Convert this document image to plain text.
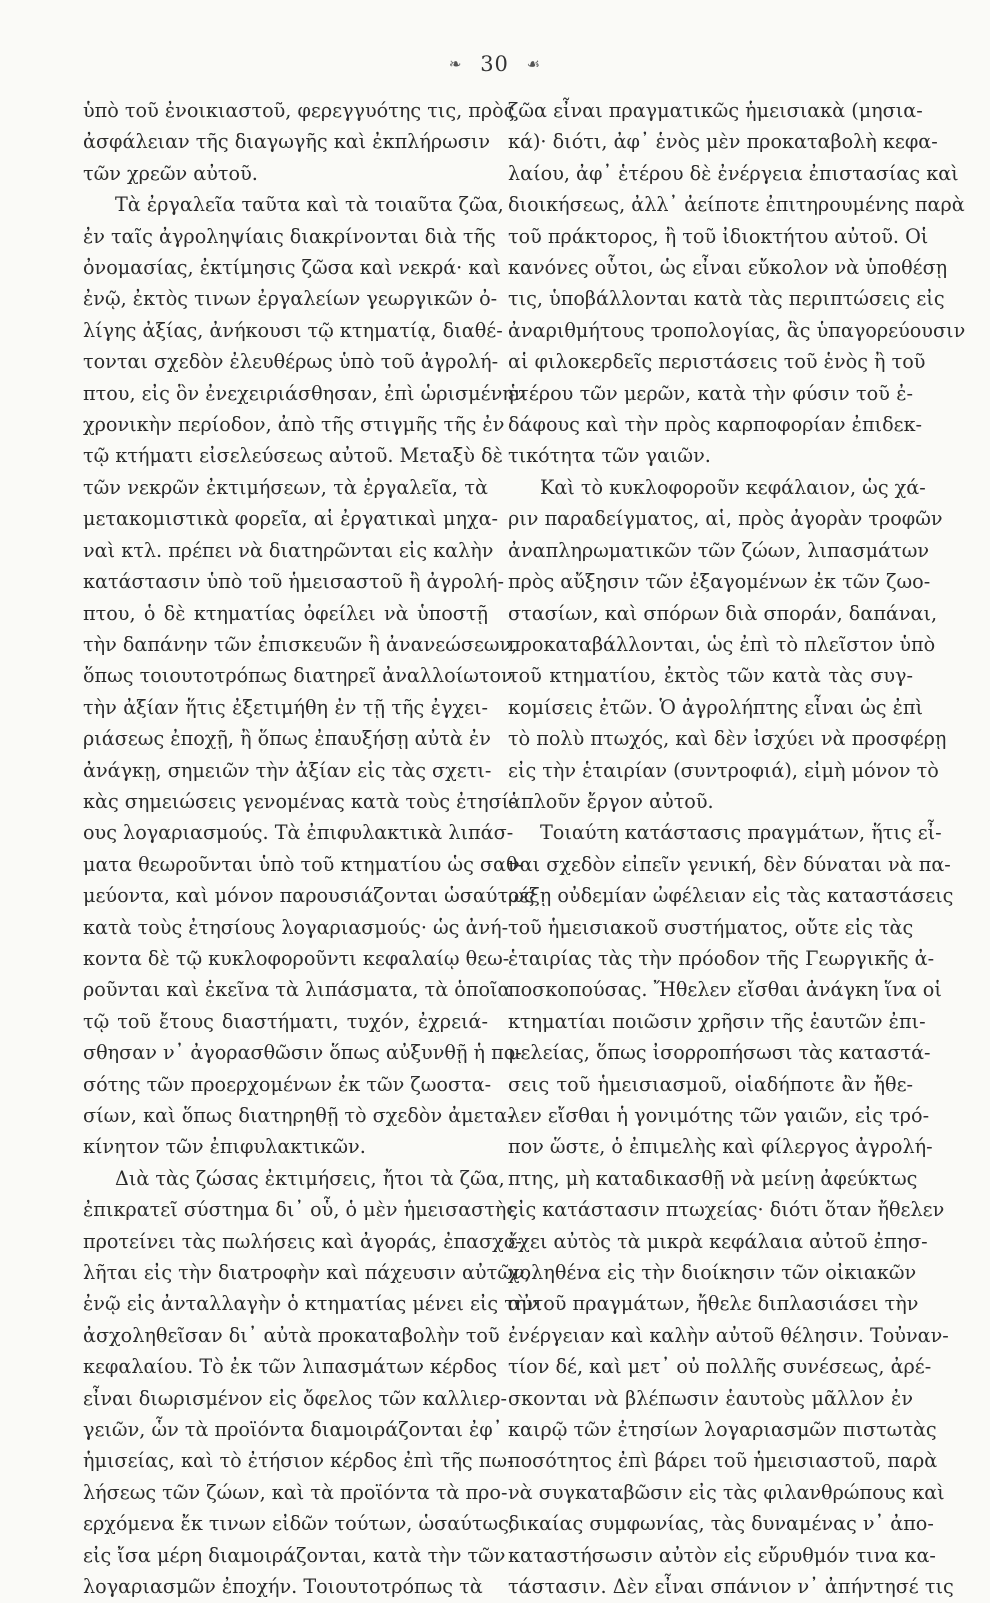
❧ 30 ☙
ὑπὸ τοῦ ἐνοικιαστοῦ, φερεγγυότης τις, πρὸς
ἀσφάλειαν τῆς διαγωγῆς καὶ ἐκπλήρωσιν
τῶν χρεῶν αὐτοῦ.
Τὰ ἐργαλεῖα ταῦτα καὶ τὰ τοιαῦτα ζῶα,
ἐν ταῖς ἀγροληψίαις διακρίνονται διὰ τῆς
ὀνομασίας, ἐκτίμησις ζῶσα καὶ νεκρά· καὶ
ἐνῷ, ἐκτὸς τινων ἐργαλείων γεωργικῶν ὀ-
λίγης ἀξίας, ἀνήκουσι τῷ κτηματίᾳ, διαθέ-
τονται σχεδὸν ἐλευθέρως ὑπὸ τοῦ ἀγρολή-
πτου, εἰς ὃν ἐνεχειριάσθησαν, ἐπὶ ὡρισμένην
χρονικὴν περίοδον, ἀπὸ τῆς στιγμῆς τῆς ἐν
τῷ κτήματι εἰσελεύσεως αὐτοῦ. Μεταξὺ δὲ
τῶν νεκρῶν ἐκτιμήσεων, τὰ ἐργαλεῖα, τὰ
μετακομιστικὰ φορεῖα, αἱ ἐργατικαὶ μηχα-
ναὶ κτλ. πρέπει νὰ διατηρῶνται εἰς καλὴν
κατάστασιν ὑπὸ τοῦ ἡμεισαστοῦ ἢ ἀγρολή-
πτου, ὁ δὲ κτηματίας ὀφείλει νὰ ὑποστῇ
τὴν δαπάνην τῶν ἐπισκευῶν ἢ ἀνανεώσεων,
ὅπως τοιουτοτρόπως διατηρεῖ ἀναλλοίωτον
τὴν ἀξίαν ἥτις ἐξετιμήθη ἐν τῇ τῆς ἐγχει-
ριάσεως ἐποχῇ, ἢ ὅπως ἐπαυξήσῃ αὐτὰ ἐν
ἀνάγκῃ, σημειῶν τὴν ἀξίαν εἰς τὰς σχετι-
κὰς σημειώσεις γενομένας κατὰ τοὺς ἐτησί-
ους λογαριασμούς. Τὰ ἐπιφυλακτικὰ λιπάσ-
ματα θεωροῦνται ὑπὸ τοῦ κτηματίου ὡς σαθ-
μεύοντα, καὶ μόνον παρουσιάζονται ὡσαύτως
κατὰ τοὺς ἐτησίους λογαριασμούς· ὡς ἀνή-
κοντα δὲ τῷ κυκλοφοροῦντι κεφαλαίῳ θεω-
ροῦνται καὶ ἐκεῖνα τὰ λιπάσματα, τὰ ὁποῖα
τῷ τοῦ ἔτους διαστήματι, τυχόν, ἐχρειά-
σθησαν ν᾽ ἀγορασθῶσιν ὅπως αὐξυνθῇ ἡ πο-
σότης τῶν προερχομένων ἐκ τῶν ζωοστα-
σίων, καὶ ὅπως διατηρηθῇ τὸ σχεδὸν ἀμετα-
κίνητον τῶν ἐπιφυλακτικῶν.
Διὰ τὰς ζώσας ἐκτιμήσεις, ἤτοι τὰ ζῶα,
ἐπικρατεῖ σύστημα δι᾽ οὗ, ὁ μὲν ἡμεισαστὴς
προτείνει τὰς πωλήσεις καὶ ἀγοράς, ἐπασχο-
λῆται εἰς τὴν διατροφὴν καὶ πάχευσιν αὐτῶν,
ἐνῷ εἰς ἀνταλλαγὴν ὁ κτηματίας μένει εἰς τὴν
ἀσχοληθεῖσαν δι᾽ αὐτὰ προκαταβολὴν τοῦ
κεφαλαίου. Τὸ ἐκ τῶν λιπασμάτων κέρδος
εἶναι διωρισμένον εἰς ὄφελος τῶν καλλιερ-
γειῶν, ὧν τὰ προϊόντα διαμοιράζονται ἐφ᾽
ἡμισείας, καὶ τὸ ἐτήσιον κέρδος ἐπὶ τῆς πω-
λήσεως τῶν ζώων, καὶ τὰ προϊόντα τὰ προ-
ερχόμενα ἔκ τινων εἰδῶν τούτων, ὡσαύτως,
εἰς ἴσα μέρη διαμοιράζονται, κατὰ τὴν τῶν
λογαριασμῶν ἐποχήν. Τοιουτοτρόπως τὰ
ζῶα εἶναι πραγματικῶς ἡμεισιακὰ (μησια-
κά)· διότι, ἀφ᾽ ἑνὸς μὲν προκαταβολὴ κεφα-
λαίου, ἀφ᾽ ἑτέρου δὲ ἐνέργεια ἐπιστασίας καὶ
διοικήσεως, ἀλλ᾽ ἀείποτε ἐπιτηρουμένης παρὰ
τοῦ πράκτορος, ἢ τοῦ ἰδιοκτήτου αὐτοῦ. Οἱ
κανόνες οὗτοι, ὡς εἶναι εὔκολον νὰ ὑποθέσῃ
τις, ὑποβάλλονται κατὰ τὰς περιπτώσεις εἰς
ἀναριθμήτους τροπολογίας, ἃς ὑπαγορεύουσιν
αἱ φιλοκερδεῖς περιστάσεις τοῦ ἑνὸς ἢ τοῦ
ἑτέρου τῶν μερῶν, κατὰ τὴν φύσιν τοῦ ἐ-
δάφους καὶ τὴν πρὸς καρποφορίαν ἐπιδεκ-
τικότητα τῶν γαιῶν.
Καὶ τὸ κυκλοφοροῦν κεφάλαιον, ὡς χά-
ριν παραδείγματος, αἱ, πρὸς ἀγορὰν τροφῶν
ἀναπληρωματικῶν τῶν ζώων, λιπασμάτων
πρὸς αὔξησιν τῶν ἐξαγομένων ἐκ τῶν ζωο-
στασίων, καὶ σπόρων διὰ σποράν, δαπάναι,
προκαταβάλλονται, ὡς ἐπὶ τὸ πλεῖστον ὑπὸ
τοῦ κτηματίου, ἐκτὸς τῶν κατὰ τὰς συγ-
κομίσεις ἐτῶν. Ὁ ἀγρολήπτης εἶναι ὡς ἐπὶ
τὸ πολὺ πτωχός, καὶ δὲν ἰσχύει νὰ προσφέρῃ
εἰς τὴν ἑταιρίαν (συντροφιά), εἰμὴ μόνον τὸ
ἁπλοῦν ἔργον αὐτοῦ.
Τοιαύτη κατάστασις πραγμάτων, ἥτις εἶ-
ναι σχεδὸν εἰπεῖν γενική, δὲν δύναται νὰ πα-
ρέξῃ οὐδεμίαν ὠφέλειαν εἰς τὰς καταστάσεις
τοῦ ἡμεισιακοῦ συστήματος, οὔτε εἰς τὰς
ἑταιρίας τὰς τὴν πρόοδον τῆς Γεωργικῆς ἀ-
ποσκοπούσας. Ἤθελεν εἴσθαι ἀνάγκη ἵνα οἱ
κτηματίαι ποιῶσιν χρῆσιν τῆς ἑαυτῶν ἐπι-
μελείας, ὅπως ἰσορροπήσωσι τὰς καταστά-
σεις τοῦ ἡμεισιασμοῦ, οἱαδήποτε ἂν ἤθε-
λεν εἴσθαι ἡ γονιμότης τῶν γαιῶν, εἰς τρό-
πον ὥστε, ὁ ἐπιμελὴς καὶ φίλεργος ἀγρολή-
πτης, μὴ καταδικασθῇ νὰ μείνῃ ἀφεύκτως
εἰς κατάστασιν πτωχείας· διότι ὅταν ἤθελεν
ἔχει αὐτὸς τὰ μικρὰ κεφάλαια αὐτοῦ ἐπησ-
χοληθένα εἰς τὴν διοίκησιν τῶν οἰκιακῶν
αὐτοῦ πραγμάτων, ἤθελε διπλασιάσει τὴν
ἐνέργειαν καὶ καλὴν αὐτοῦ θέλησιν. Τοὐναν-
τίον δέ, καὶ μετ᾽ οὐ πολλῆς συνέσεως, ἀρέ-
σκονται νὰ βλέπωσιν ἑαυτοὺς μᾶλλον ἐν
καιρῷ τῶν ἐτησίων λογαριασμῶν πιστωτὰς
ποσότητος ἐπὶ βάρει τοῦ ἡμεισιαστοῦ, παρὰ
νὰ συγκαταβῶσιν εἰς τὰς φιλανθρώπους καὶ
δικαίας συμφωνίας, τὰς δυναμένας ν᾽ ἀπο-
καταστήσωσιν αὐτὸν εἰς εὔρυθμόν τινα κα-
τάστασιν. Δὲν εἶναι σπάνιον ν᾽ ἀπήντησέ τις
